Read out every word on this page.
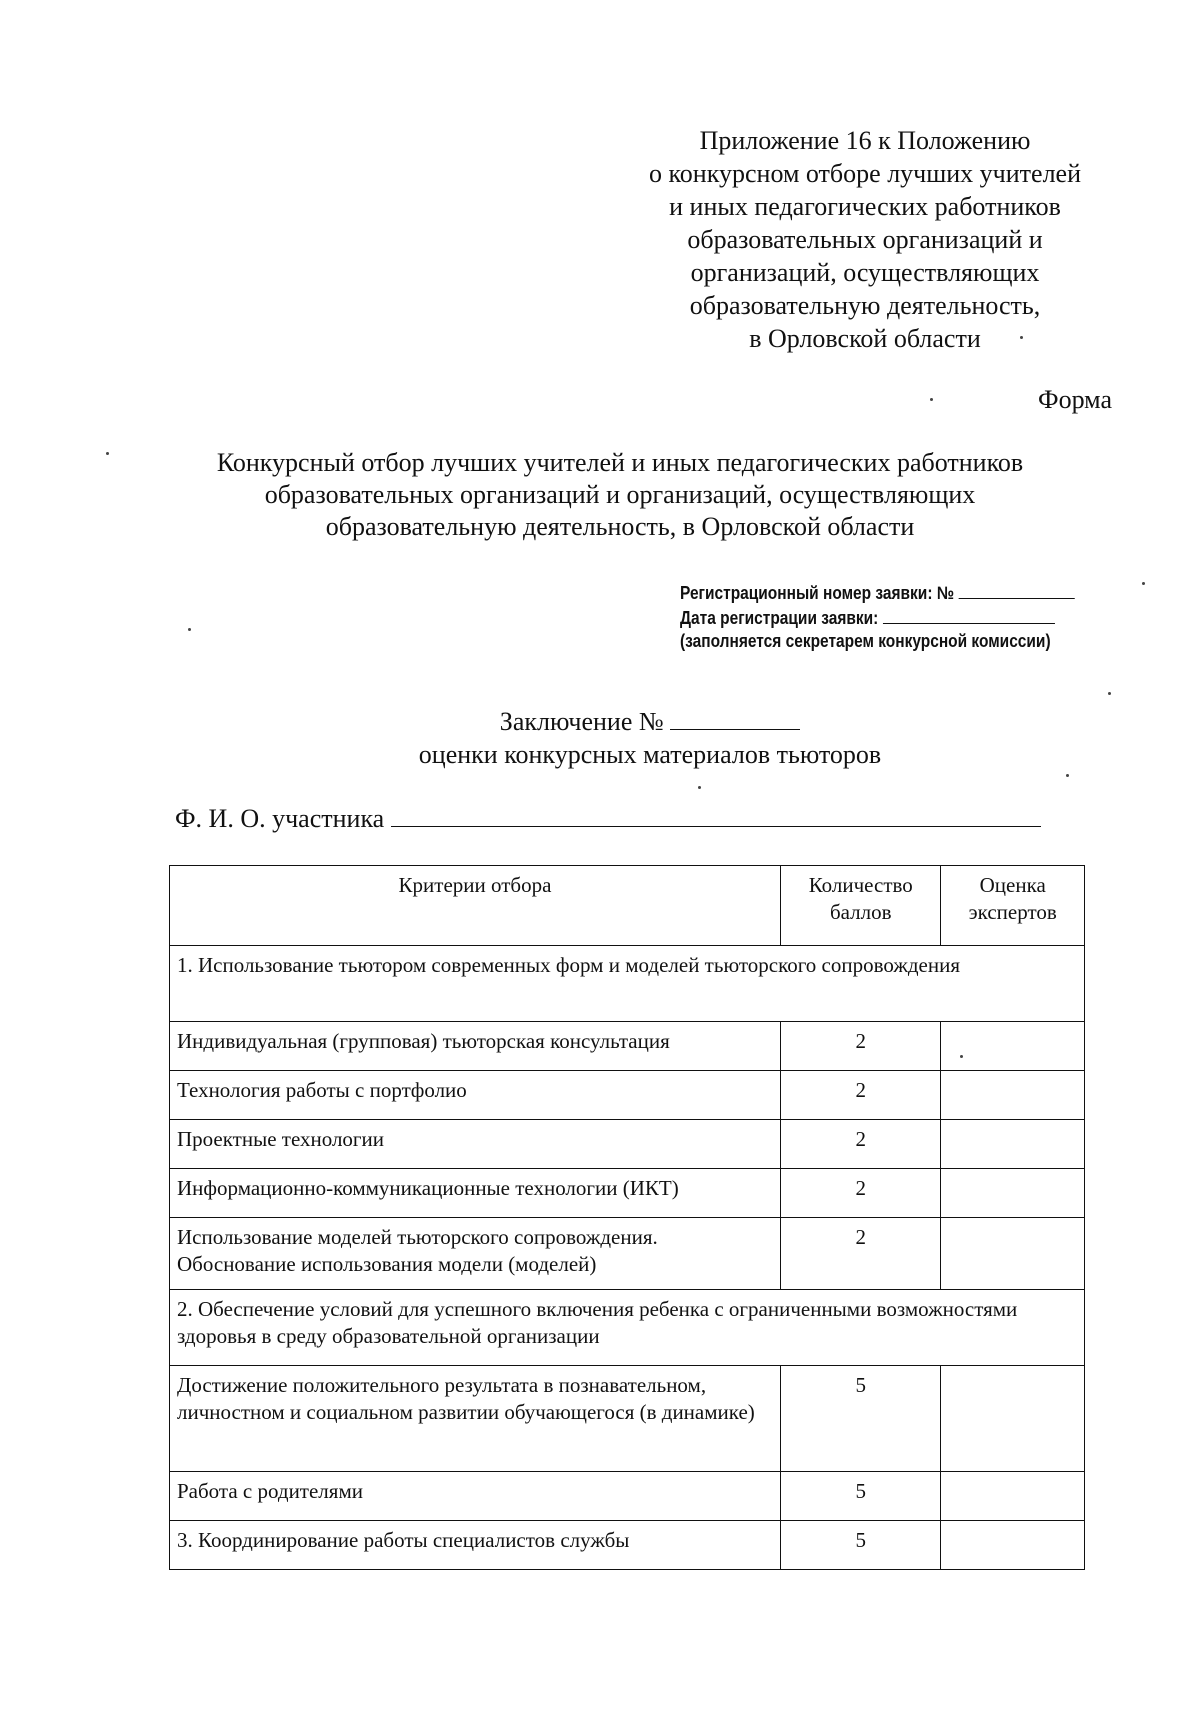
Приложение 16 к Положению
о конкурсном отборе лучших учителей
и иных педагогических работников
образовательных организаций и
организаций, осуществляющих
образовательную деятельность,
в Орловской области
Форма
Конкурсный отбор лучших учителей и иных педагогических работников
образовательных организаций и организаций, осуществляющих
образовательную деятельность, в Орловской области
Регистрационный номер заявки: №
Дата регистрации заявки:
(заполняется секретарем конкурсной комиссии)
Заключение №
оценки конкурсных материалов тьюторов
Ф. И. О. участника
Критерии отбора	Количество баллов	Оценка экспертов
1. Использование тьютором современных форм и моделей тьюторского сопровождения		
Индивидуальная (групповая) тьюторская консультация	2	
Технология работы с портфолио	2	
Проектные технологии	2	
Информационно-коммуникационные технологии (ИКТ)	2	
Использование моделей тьюторского сопровождения. Обоснование использования модели (моделей)	2	
2. Обеспечение условий для успешного включения ребенка с ограниченными возможностями здоровья в среду образовательной организации		
Достижение положительного результата в познавательном, личностном и социальном развитии обучающегося (в динамике)	5	
Работа с родителями	5	
3. Координирование работы специалистов службы	5	
